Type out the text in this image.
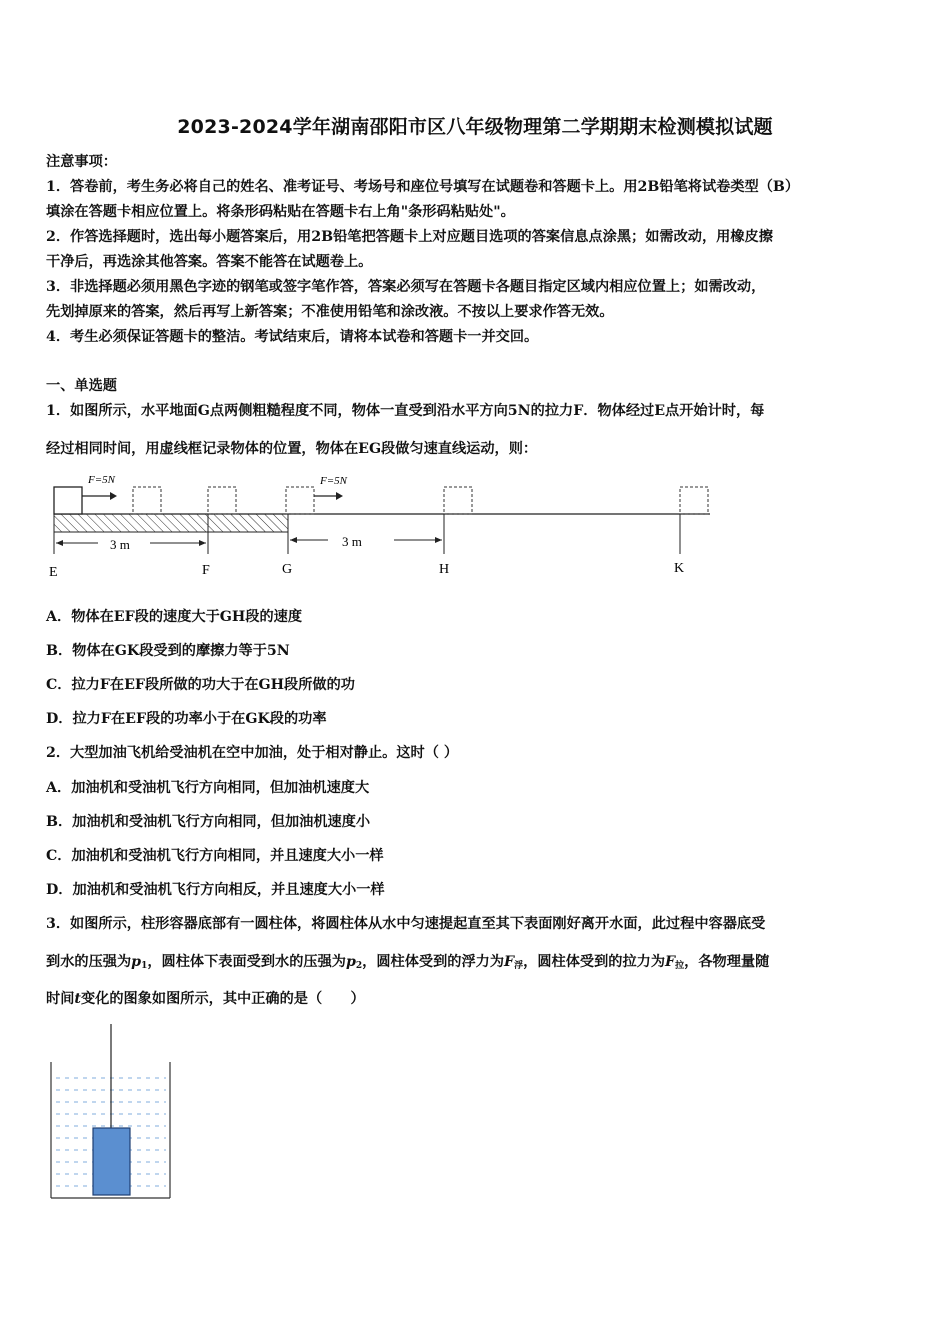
2023-2024学年湖南邵阳市区八年级物理第二学期期末检测模拟试题
注意事项：
1．答卷前，考生务必将自己的姓名、准考证号、考场号和座位号填写在试题卷和答题卡上。用2B铅笔将试卷类型（B）
填涂在答题卡相应位置上。将条形码粘贴在答题卡右上角"条形码粘贴处"。
2．作答选择题时，选出每小题答案后，用2B铅笔把答题卡上对应题目选项的答案信息点涂黑；如需改动，用橡皮擦
干净后，再选涂其他答案。答案不能答在试题卷上。
3．非选择题必须用黑色字迹的钢笔或签字笔作答，答案必须写在答题卡各题目指定区域内相应位置上；如需改动，
先划掉原来的答案，然后再写上新答案；不准使用铅笔和涂改液。不按以上要求作答无效。
4．考生必须保证答题卡的整洁。考试结束后，请将本试卷和答题卡一并交回。
一、单选题
1．如图所示，水平地面G点两侧粗糙程度不同，物体一直受到沿水平方向5N的拉力F．物体经过E点开始计时，每
经过相同时间，用虚线框记录物体的位置，物体在EG段做匀速直线运动，则：
F=5N	F=5N
3 m	3 m
E	F	G	H	K
A．物体在EF段的速度大于GH段的速度
B．物体在GK段受到的摩擦力等于5N
C．拉力F在EF段所做的功大于在GH段所做的功
D．拉力F在EF段的功率小于在GK段的功率
2．大型加油飞机给受油机在空中加油，处于相对静止。这时（ ）
A．加油机和受油机飞行方向相同，但加油机速度大
B．加油机和受油机飞行方向相同，但加油机速度小
C．加油机和受油机飞行方向相同，并且速度大小一样
D．加油机和受油机飞行方向相反，并且速度大小一样
3．如图所示，柱形容器底部有一圆柱体，将圆柱体从水中匀速提起直至其下表面刚好离开水面，此过程中容器底受
到水的压强为$p_1$，圆柱体下表面受到水的压强为$p_2$，圆柱体受到的浮力为$F_浮$，圆柱体受到的拉力为$F_拉$，各物理量随
时间t变化的图象如图所示，其中正确的是（　　）
